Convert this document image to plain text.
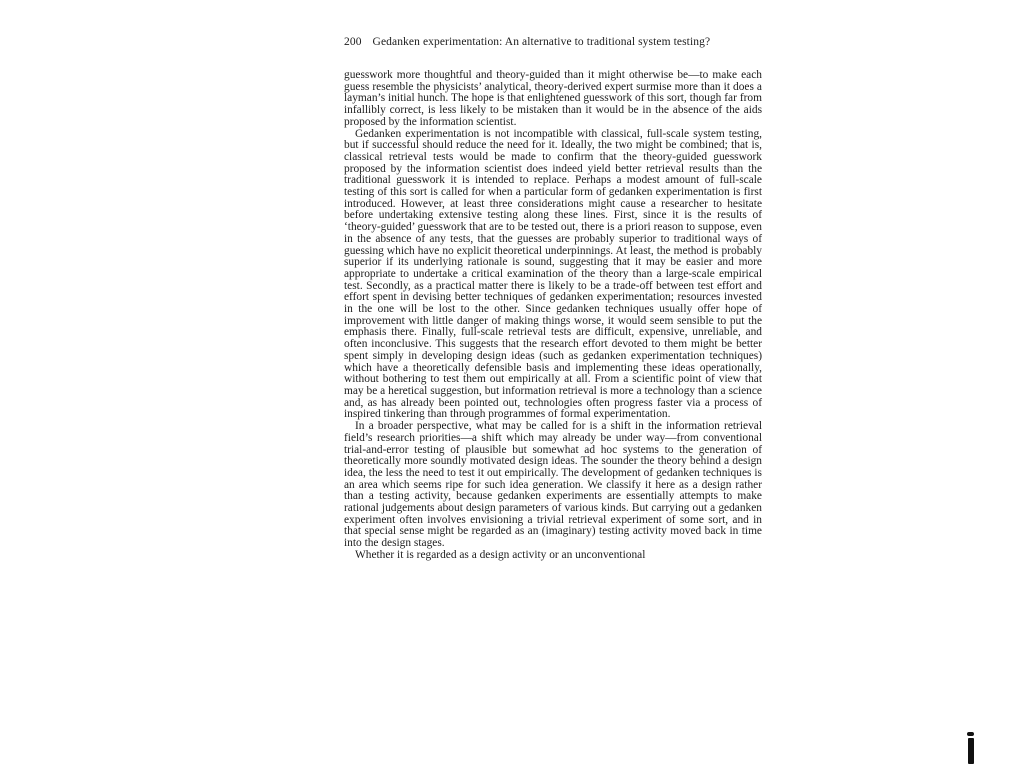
200 Gedanken experimentation: An alternative to traditional system testing?

guesswork more thoughtful and theory-guided than it might otherwise be—to make each guess resemble the physicists’ analytical, theory-derived expert surmise more than it does a layman’s initial hunch. The hope is that enlightened guesswork of this sort, though far from infallibly correct, is less likely to be mistaken than it would be in the absence of the aids proposed by the information scientist.

Gedanken experimentation is not incompatible with classical, full-scale system testing, but if successful should reduce the need for it. Ideally, the two might be combined; that is, classical retrieval tests would be made to confirm that the theory-guided guesswork proposed by the information scientist does indeed yield better retrieval results than the traditional guesswork it is intended to replace. Perhaps a modest amount of full-scale testing of this sort is called for when a particular form of gedanken experimentation is first introduced. However, at least three considerations might cause a researcher to hesitate before undertaking extensive testing along these lines. First, since it is the results of ‘theory-guided’ guesswork that are to be tested out, there is a priori reason to suppose, even in the absence of any tests, that the guesses are probably superior to traditional ways of guessing which have no explicit theoretical underpinnings. At least, the method is probably superior if its underlying rationale is sound, suggesting that it may be easier and more appropriate to undertake a critical examination of the theory than a large-scale empirical test. Secondly, as a practical matter there is likely to be a trade-off between test effort and effort spent in devising better techniques of gedanken experimentation; resources invested in the one will be lost to the other. Since gedanken techniques usually offer hope of improvement with little danger of making things worse, it would seem sensible to put the emphasis there. Finally, full-scale retrieval tests are difficult, expensive, unreliable, and often inconclusive. This suggests that the research effort devoted to them might be better spent simply in developing design ideas (such as gedanken experimentation techniques) which have a theoretically defensible basis and implementing these ideas operationally, without bothering to test them out empirically at all. From a scientific point of view that may be a heretical suggestion, but information retrieval is more a technology than a science and, as has already been pointed out, technologies often progress faster via a process of inspired tinkering than through programmes of formal experimentation.

In a broader perspective, what may be called for is a shift in the information retrieval field’s research priorities—a shift which may already be under way—from conventional trial-and-error testing of plausible but somewhat ad hoc systems to the generation of theoretically more soundly motivated design ideas. The sounder the theory behind a design idea, the less the need to test it out empirically. The development of gedanken techniques is an area which seems ripe for such idea generation. We classify it here as a design rather than a testing activity, because gedanken experiments are essentially attempts to make rational judgements about design parameters of various kinds. But carrying out a gedanken experiment often involves envisioning a trivial retrieval experiment of some sort, and in that special sense might be regarded as an (imaginary) testing activity moved back in time into the design stages.

Whether it is regarded as a design activity or an unconventional
